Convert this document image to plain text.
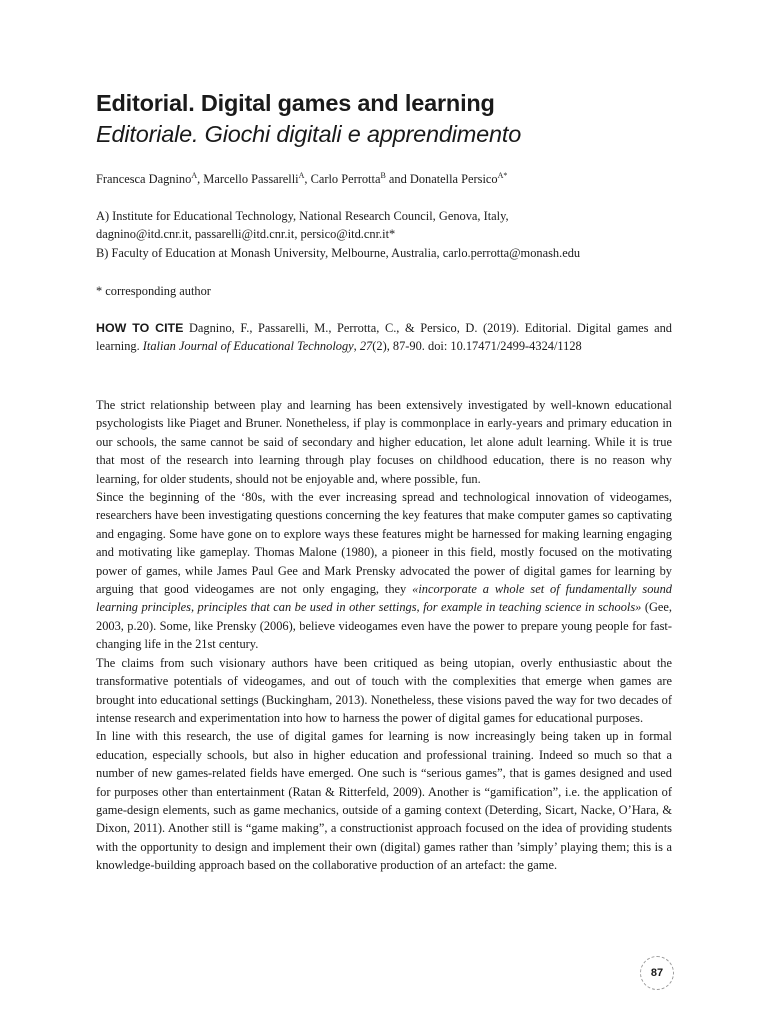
Editorial. Digital games and learning
Editoriale. Giochi digitali e apprendimento
Francesca Dagnino$^A$, Marcello Passarelli$^A$, Carlo Perrotta$^B$ and Donatella Persico$^{A*}$
A) Institute for Educational Technology, National Research Council, Genova, Italy,
dagnino@itd.cnr.it, passarelli@itd.cnr.it, persico@itd.cnr.it*
B) Faculty of Education at Monash University, Melbourne, Australia, carlo.perrotta@monash.edu
* corresponding author
HOW TO CITE Dagnino, F., Passarelli, M., Perrotta, C., & Persico, D. (2019). Editorial. Digital games and learning. Italian Journal of Educational Technology, 27(2), 87-90. doi: 10.17471/2499-4324/1128

The strict relationship between play and learning has been extensively investigated by well-known educational psychologists like Piaget and Bruner. Nonetheless, if play is commonplace in early-years and primary education in our schools, the same cannot be said of secondary and higher education, let alone adult learning. While it is true that most of the research into learning through play focuses on childhood education, there is no reason why learning, for older students, should not be enjoyable and, where possible, fun.

Since the beginning of the ‘80s, with the ever increasing spread and technological innovation of videogames, researchers have been investigating questions concerning the key features that make computer games so captivating and engaging. Some have gone on to explore ways these features might be harnessed for making learning engaging and motivating like gameplay. Thomas Malone (1980), a pioneer in this field, mostly focused on the motivating power of games, while James Paul Gee and Mark Prensky advocated the power of digital games for learning by arguing that good videogames are not only engaging, they «incorporate a whole set of fundamentally sound learning principles, principles that can be used in other settings, for example in teaching science in schools» (Gee, 2003, p.20). Some, like Prensky (2006), believe videogames even have the power to prepare young people for fast-changing life in the 21st century.

The claims from such visionary authors have been critiqued as being utopian, overly enthusiastic about the transformative potentials of videogames, and out of touch with the complexities that emerge when games are brought into educational settings (Buckingham, 2013). Nonetheless, these visions paved the way for two decades of intense research and experimentation into how to harness the power of digital games for educational purposes.

In line with this research, the use of digital games for learning is now increasingly being taken up in formal education, especially schools, but also in higher education and professional training. Indeed so much so that a number of new games-related fields have emerged. One such is “serious games”, that is games designed and used for purposes other than entertainment (Ratan & Ritterfeld, 2009). Another is “gamification”, i.e. the application of game-design elements, such as game mechanics, outside of a gaming context (Deterding, Sicart, Nacke, O’Hara, & Dixon, 2011). Another still is “game making”, a constructionist approach focused on the idea of providing students with the opportunity to design and implement their own (digital) games rather than ’simply’ playing them; this is a knowledge-building approach based on the collaborative production of an artefact: the game.

87
